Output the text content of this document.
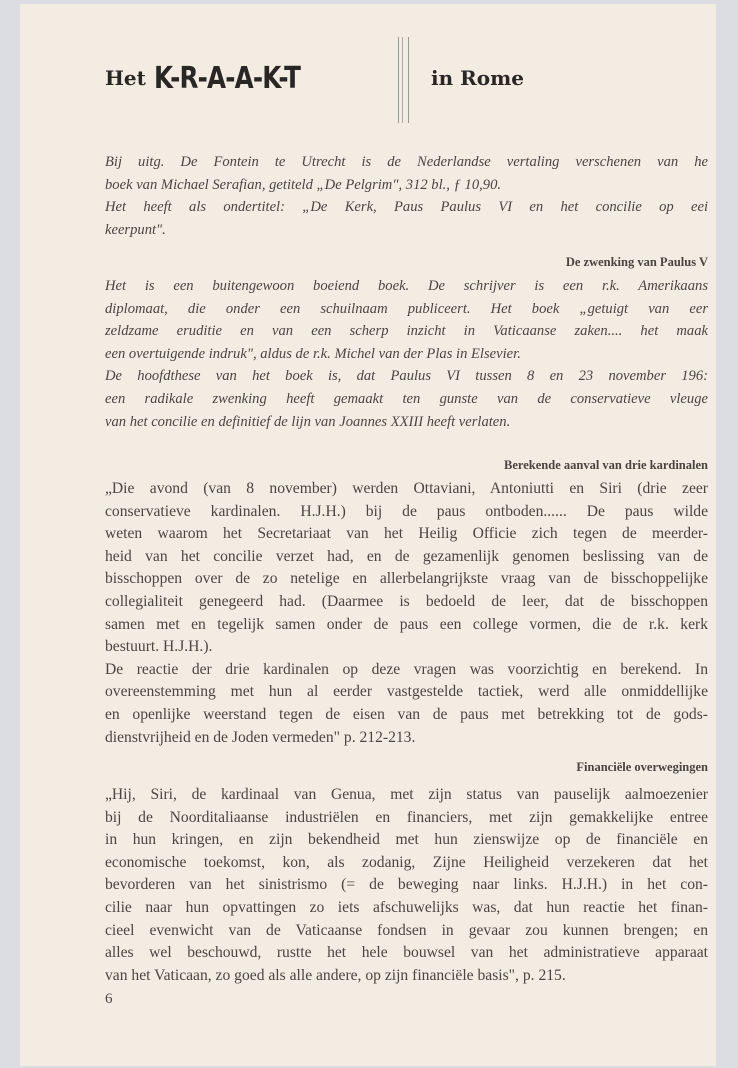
Het K-R-A-A-K-T	in Rome
Bij uitg. De Fontein te Utrecht is de Nederlandse vertaling verschenen van he
boek van Michael Serafian, getiteld „De Pelgrim", 312 bl., ƒ 10,90.
Het heeft als ondertitel: „De Kerk, Paus Paulus VI en het concilie op eei
keerpunt".
De zwenking van Paulus V
Het is een buitengewoon boeiend boek. De schrijver is een r.k. Amerikaans
diplomaat, die onder een schuilnaam publiceert. Het boek „getuigt van eer
zeldzame eruditie en van een scherp inzicht in Vaticaanse zaken.... het maak
een overtuigende indruk", aldus de r.k. Michel van der Plas in Elsevier.
De hoofdthese van het boek is, dat Paulus VI tussen 8 en 23 november 196:
een radikale zwenking heeft gemaakt ten gunste van de conservatieve vleuge
van het concilie en definitief de lijn van Joannes XXIII heeft verlaten.
Berekende aanval van drie kardinalen
„Die avond (van 8 november) werden Ottaviani, Antoniutti en Siri (drie zeer
conservatieve kardinalen. H.J.H.) bij de paus ontboden...... De paus wilde
weten waarom het Secretariaat van het Heilig Officie zich tegen de meerder-
heid van het concilie verzet had, en de gezamenlijk genomen beslissing van de
bisschoppen over de zo netelige en allerbelangrijkste vraag van de bisschoppelijke
collegialiteit genegeerd had. (Daarmee is bedoeld de leer, dat de bisschoppen
samen met en tegelijk samen onder de paus een college vormen, die de r.k. kerk
bestuurt. H.J.H.).
De reactie der drie kardinalen op deze vragen was voorzichtig en berekend. In
overeenstemming met hun al eerder vastgestelde tactiek, werd alle onmiddellijke
en openlijke weerstand tegen de eisen van de paus met betrekking tot de gods-
dienstvrijheid en de Joden vermeden" p. 212-213.
Financiële overwegingen
„Hij, Siri, de kardinaal van Genua, met zijn status van pauselijk aalmoezenier
bij de Noorditaliaanse industriëlen en financiers, met zijn gemakkelijke entree
in hun kringen, en zijn bekendheid met hun zienswijze op de financiële en
economische toekomst, kon, als zodanig, Zijne Heiligheid verzekeren dat het
bevorderen van het sinistrismo (= de beweging naar links. H.J.H.) in het con-
cilie naar hun opvattingen zo iets afschuwelijks was, dat hun reactie het finan-
cieel evenwicht van de Vaticaanse fondsen in gevaar zou kunnen brengen; en
alles wel beschouwd, rustte het hele bouwsel van het administratieve apparaat
van het Vaticaan, zo goed als alle andere, op zijn financiële basis", p. 215.
6
